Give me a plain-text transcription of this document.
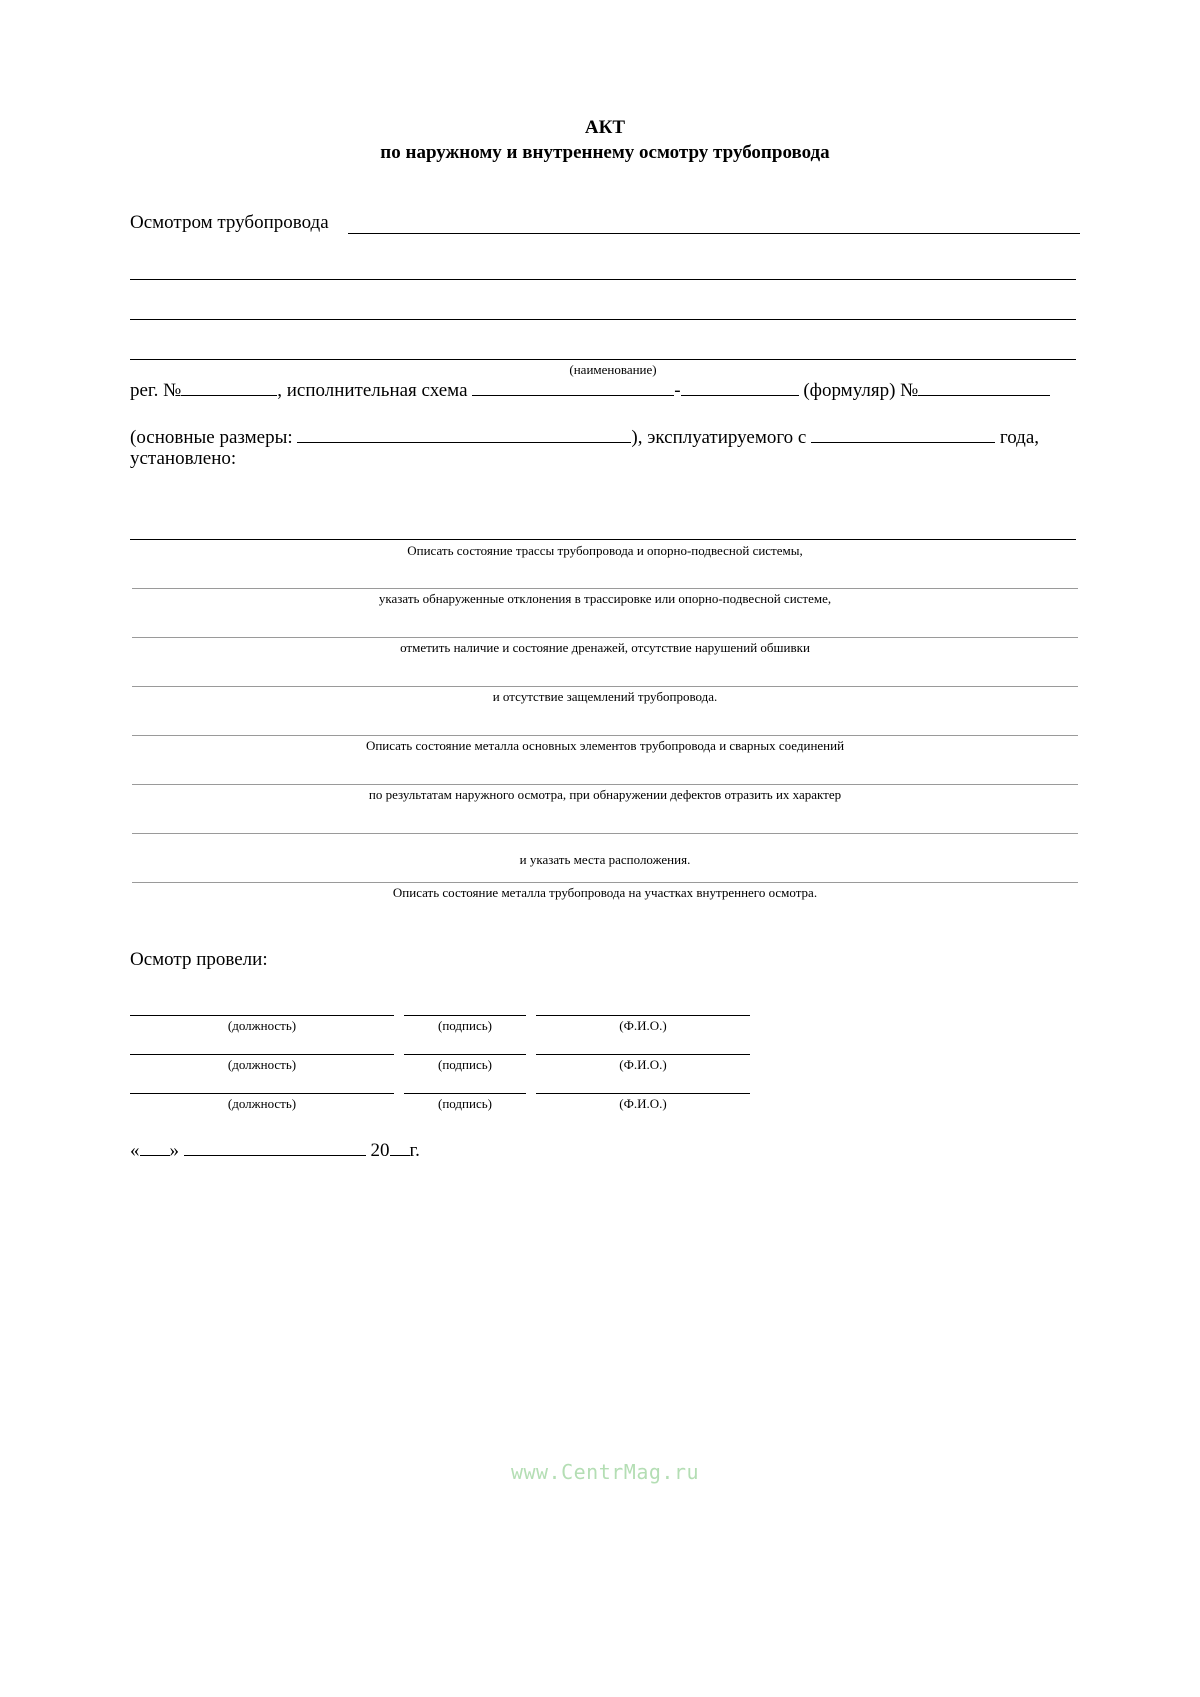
АКТ
по наружному и внутреннему осмотру трубопровода
Осмотром трубопровода
(наименование)
рег. №	, исполнительная схема	-	(формуляр) №
(основные размеры:	), эксплуатируемого с	года,
установлено:
Описать состояние трассы трубопровода и опорно-подвесной системы,
указать обнаруженные отклонения в трассировке или опорно-подвесной системе,
отметить наличие и состояние дренажей, отсутствие нарушений обшивки
и отсутствие защемлений трубопровода.
Описать состояние металла основных элементов трубопровода и сварных соединений
по результатам наружного осмотра, при обнаружении дефектов отразить их характер
и указать места расположения.
Описать состояние металла трубопровода на участках внутреннего осмотра.
Осмотр провели:
(должность)	(подпись)	(Ф.И.О.)
(должность)	(подпись)	(Ф.И.О.)
(должность)	(подпись)	(Ф.И.О.)
« »	20 г.
www.CentrMag.ru
